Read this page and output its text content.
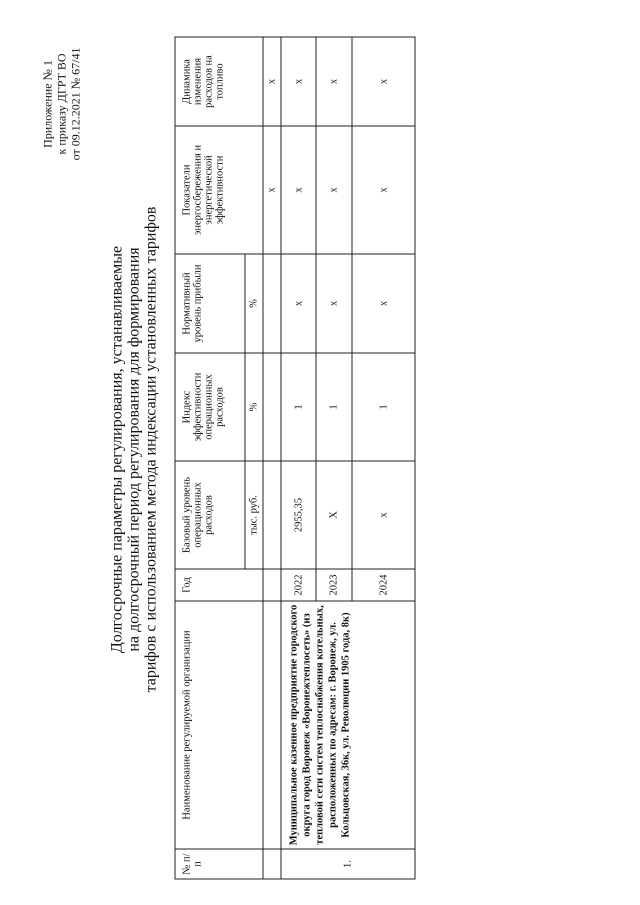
Приложение № 1 к приказу ДГРТ ВО от 09.12.2021 № 67/41
Долгосрочные параметры регулирования, устанавливаемые на долгосрочный период регулирования для формирования тарифов с использованием метода индексации установленных тарифов
№ п/п	Наименование регулируемой организации	Год	Базовый уровень операционных расходов	Индекс эффективности операционных расходов	Нормативный уровень прибыли	Показатели энергосбережения и энергетической эффективности	Динамика изменения расходов на топливо
			тыс. руб.	%	%		
						x	x
1.	Муниципальное казенное предприятие городского округа город Воронеж «Воронежтеплосеть» (из тепловой сети систем теплоснабжения котельных, расположенных по адресам: г. Воронеж, ул. Кольцовская, 36к, ул. Революции 1905 года, 8к)	2022	2955,35	1	x	x	x
		2023	X	1	x	x	x
		2024	x	1	x	x	x
